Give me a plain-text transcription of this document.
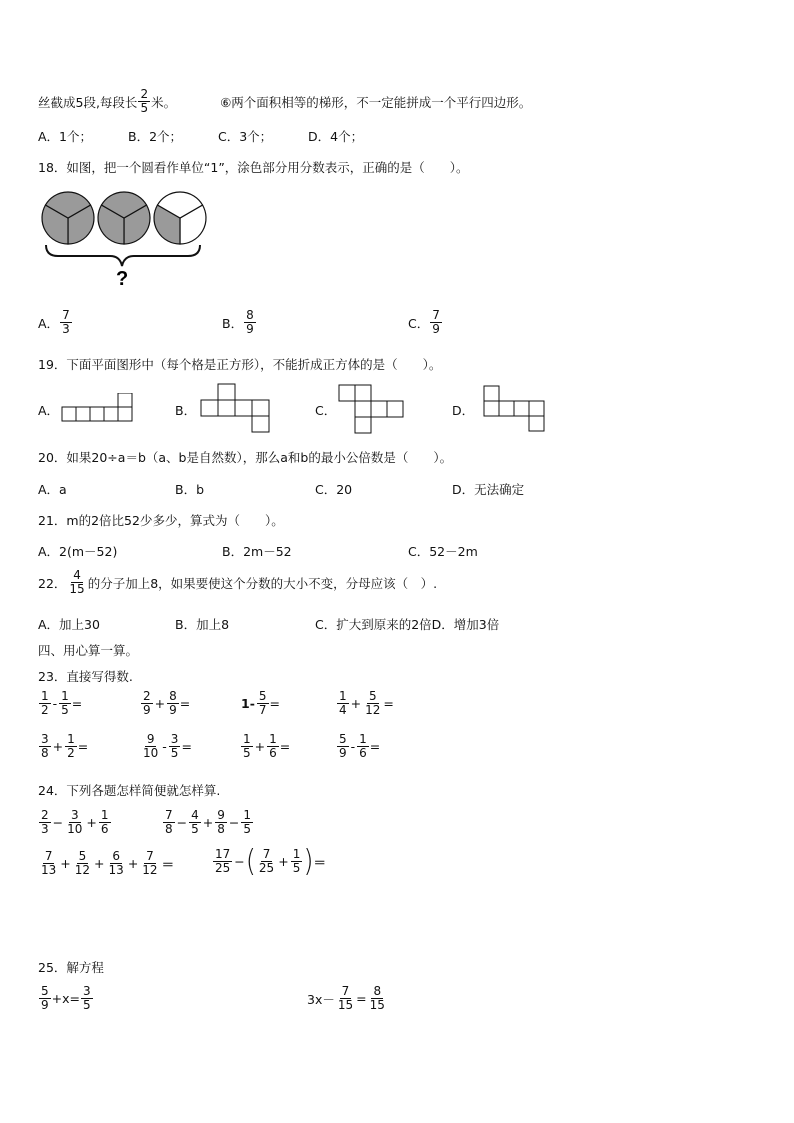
丝截成5段,每段长 $\frac{2}{5}$ 米。	⑥两个面积相等的梯形，不一定能拼成一个平行四边形。
A．1个；	B．2个；	C．3个；	D．4个；
18．如图，把一个圆看作单位“1”，涂色部分用分数表示，正确的是（　　）。
?
A． $\frac{7}{3}$	B． $\frac{8}{9}$	C． $\frac{7}{9}$
19．下面平面图形中（每个格是正方形），不能折成正方体的是（　　）。
A．	B．	C．	D．
20．如果20÷a＝b（a、b是自然数），那么a和b的最小公倍数是（　　）。
A．a	B．b	C．20	D．无法确定
21．m的2倍比52少多少，算式为（　　）。
A．2(m－52)	B．2m－52	C．52－2m
22． $\frac{4}{15}$ 的分子加上8，如果要使这个分数的大小不变，分母应该（　）.
A．加上30	B．加上8	C．扩大到原来的2倍D．增加3倍
四、用心算一算。
23．直接写得数.
$\frac{1}{2} - \frac{1}{5}$ =	$\frac{2}{9} + \frac{8}{9}$ =	$1- \frac{5}{7}$ =	$\frac{1}{4} + \frac{5}{12}$ =
$\frac{3}{8} + \frac{1}{2}$ =	$\frac{9}{10} - \frac{3}{5}$ =	$\frac{1}{5} + \frac{1}{6}$ =	$\frac{5}{9} - \frac{1}{6}$ =
24．下列各题怎样简便就怎样算.
$\frac{2}{3} - \frac{3}{10} + \frac{1}{6}$	$\frac{7}{8} - \frac{4}{5} + \frac{9}{8} - \frac{1}{5}$
$\frac{7}{13} + \frac{5}{12} + \frac{6}{13} + \frac{7}{12}$ ＝	$\frac{17}{25}$ − ( $\frac{7}{25} + \frac{1}{5}$ ) ＝
25．解方程
$\frac{5}{9} +x= \frac{3}{5}$	$3x- \frac{7}{15} = \frac{8}{15}$
